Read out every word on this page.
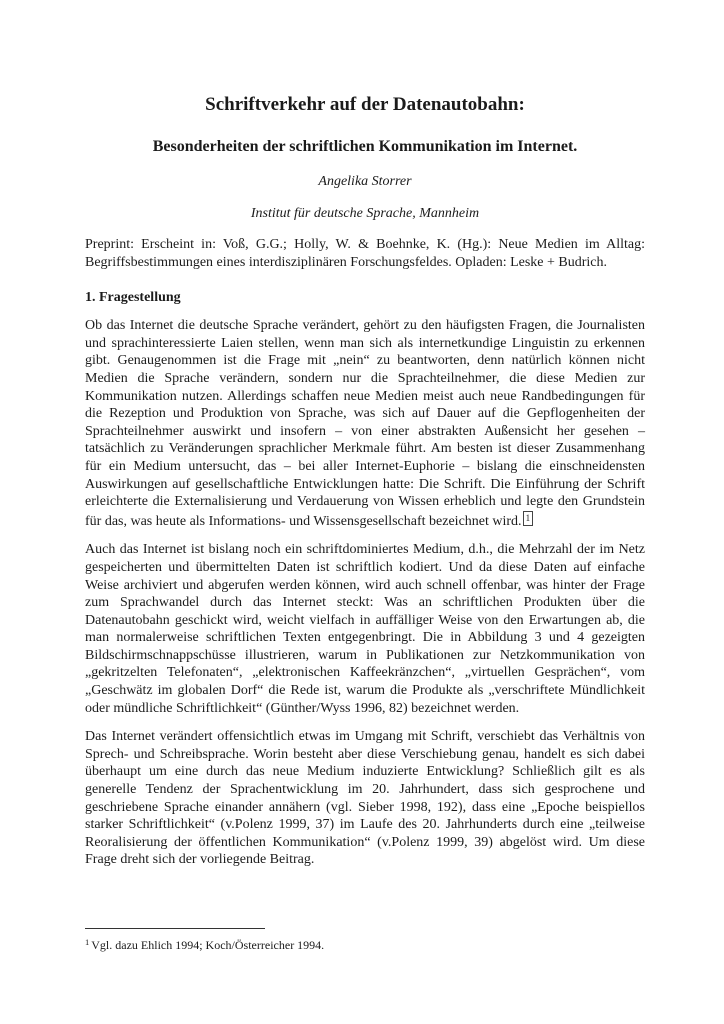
Schriftverkehr auf der Datenautobahn:
Besonderheiten der schriftlichen Kommunikation im Internet.

Angelika Storrer

Institut für deutsche Sprache, Mannheim

Preprint: Erscheint in: Voß, G.G.; Holly, W. & Boehnke, K. (Hg.): Neue Medien im Alltag: Begriffsbestimmungen eines interdisziplinären Forschungsfeldes. Opladen: Leske + Budrich.

1. Fragestellung

Ob das Internet die deutsche Sprache verändert, gehört zu den häufigsten Fragen, die Journalisten und sprachinteressierte Laien stellen, wenn man sich als internetkundige Linguistin zu erkennen gibt. Genaugenommen ist die Frage mit „nein“ zu beantworten, denn natürlich können nicht Medien die Sprache verändern, sondern nur die Sprachteilnehmer, die diese Medien zur Kommunikation nutzen. Allerdings schaffen neue Medien meist auch neue Randbedingungen für die Rezeption und Produktion von Sprache, was sich auf Dauer auf die Gepflogenheiten der Sprachteilnehmer auswirkt und insofern – von einer abstrakten Außensicht her gesehen – tatsächlich zu Veränderungen sprachlicher Merkmale führt. Am besten ist dieser Zusammenhang für ein Medium untersucht, das – bei aller Internet-Euphorie – bislang die einschneidensten Auswirkungen auf gesellschaftliche Entwicklungen hatte: Die Schrift. Die Einführung der Schrift erleichterte die Externalisierung und Verdauerung von Wissen erheblich und legte den Grundstein für das, was heute als Informations- und Wissensgesellschaft bezeichnet wird. $^1$

Auch das Internet ist bislang noch ein schriftdominiertes Medium, d.h., die Mehrzahl der im Netz gespeicherten und übermittelten Daten ist schriftlich kodiert. Und da diese Daten auf einfache Weise archiviert und abgerufen werden können, wird auch schnell offenbar, was hinter der Frage zum Sprachwandel durch das Internet steckt: Was an schriftlichen Produkten über die Datenautobahn geschickt wird, weicht vielfach in auffälliger Weise von den Erwartungen ab, die man normalerweise schriftlichen Texten entgegenbringt. Die in Abbildung 3 und 4 gezeigten Bildschirmschnappschüsse illustrieren, warum in Publikationen zur Netzkommunikation von „gekritzelten Telefonaten“, „elektronischen Kaffeekränzchen“, „virtuellen Gesprächen“, vom „Geschwätz im globalen Dorf“ die Rede ist, warum die Produkte als „verschriftete Mündlichkeit oder mündliche Schriftlichkeit“ (Günther/Wyss 1996, 82) bezeichnet werden.

Das Internet verändert offensichtlich etwas im Umgang mit Schrift, verschiebt das Verhältnis von Sprech- und Schreibsprache. Worin besteht aber diese Verschiebung genau, handelt es sich dabei überhaupt um eine durch das neue Medium induzierte Entwicklung? Schließlich gilt es als generelle Tendenz der Sprachentwicklung im 20. Jahrhundert, dass sich gesprochene und geschriebene Sprache einander annähern (vgl. Sieber 1998, 192), dass eine „Epoche beispiellos starker Schriftlichkeit“ (v.Polenz 1999, 37) im Laufe des 20. Jahrhunderts durch eine „teilweise Reoralisierung der öffentlichen Kommunikation“ (v.Polenz 1999, 39) abgelöst wird. Um diese Frage dreht sich der vorliegende Beitrag.

$^1$ Vgl. dazu Ehlich 1994; Koch/Österreicher 1994.
